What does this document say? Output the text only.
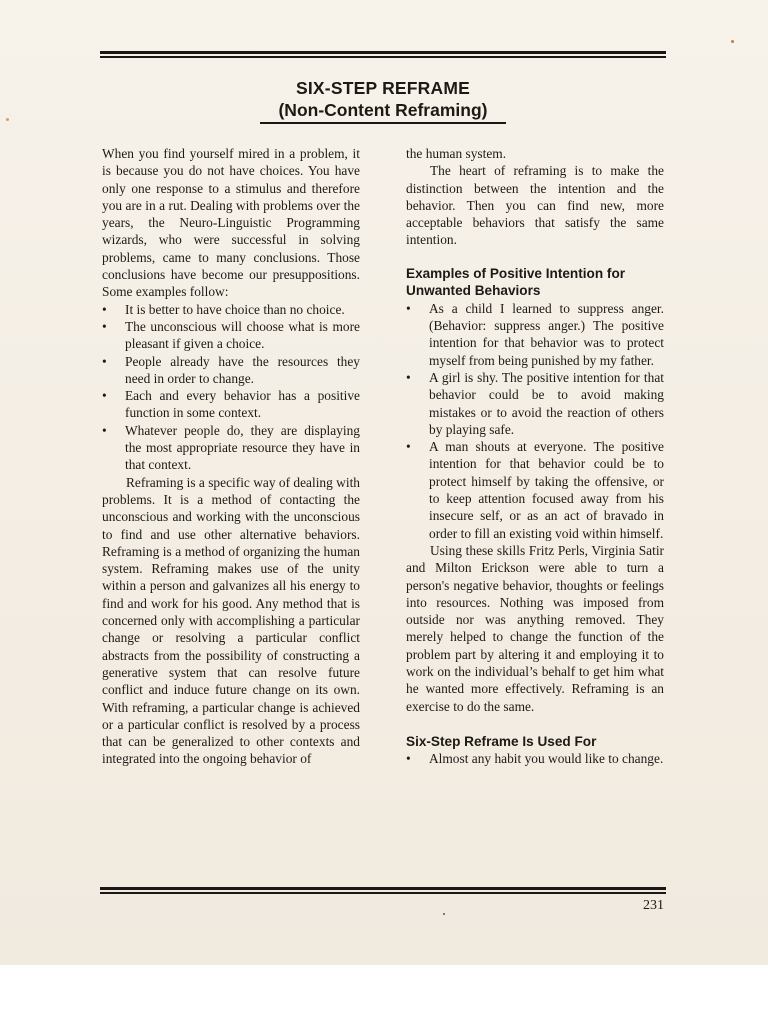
SIX-STEP REFRAME
(Non-Content Reframing)

When you find yourself mired in a problem, it is because you do not have choices. You have only one response to a stimulus and therefore you are in a rut. Dealing with problems over the years, the Neuro-Linguistic Programming wizards, who were successful in solving problems, came to many conclusions. Those conclusions have become our presuppositions. Some examples follow:

•	It is better to have choice than no choice.
•	The unconscious will choose what is more pleasant if given a choice.
•	People already have the resources they need in order to change.
•	Each and every behavior has a positive function in some context.
•	Whatever people do, they are displaying the most appropriate resource they have in that context.

Reframing is a specific way of dealing with problems. It is a method of contacting the unconscious and working with the unconscious to find and use other alternative behaviors. Reframing is a method of organizing the human system. Reframing makes use of the unity within a person and galvanizes all his energy to find and work for his good. Any method that is concerned only with accomplishing a particular change or resolving a particular conflict abstracts from the possibility of constructing a generative system that can resolve future conflict and induce future change on its own. With reframing, a particular change is achieved or a particular conflict is resolved by a process that can be generalized to other contexts and integrated into the ongoing behavior of

the human system.

The heart of reframing is to make the distinction between the intention and the behavior. Then you can find new, more acceptable behaviors that satisfy the same intention.

Examples of Positive Intention for Unwanted Behaviors
•	As a child I learned to suppress anger. (Behavior: suppress anger.) The positive intention for that behavior was to protect myself from being punished by my father.
•	A girl is shy. The positive intention for that behavior could be to avoid making mistakes or to avoid the reaction of others by playing safe.
•	A man shouts at everyone. The positive intention for that behavior could be to protect himself by taking the offensive, or to keep attention focused away from his insecure self, or as an act of bravado in order to fill an existing void within himself.

Using these skills Fritz Perls, Virginia Satir and Milton Erickson were able to turn a person's negative behavior, thoughts or feelings into resources. Nothing was imposed from outside nor was anything removed. They merely helped to change the function of the problem part by altering it and employing it to work on the individual’s behalf to get him what he wanted more effectively. Reframing is an exercise to do the same.

Six-Step Reframe Is Used For
•	Almost any habit you would like to change.
231
